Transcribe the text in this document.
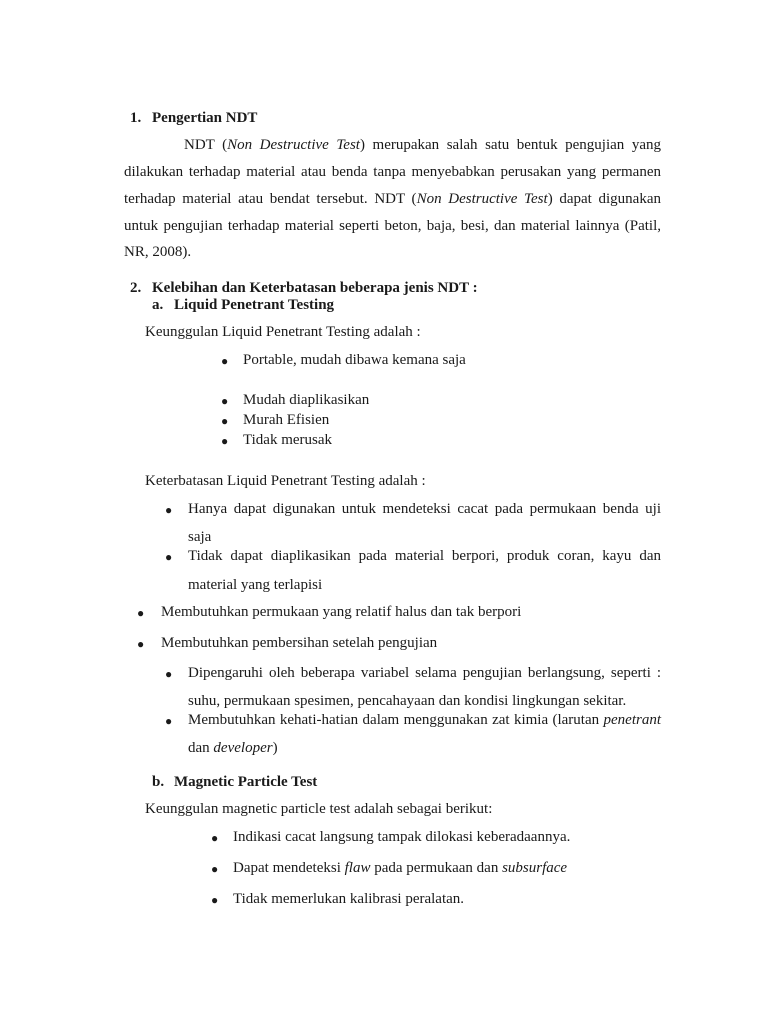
1. Pengertian NDT
NDT (Non Destructive Test) merupakan salah satu bentuk pengujian yang
dilakukan terhadap material atau benda tanpa menyebabkan perusakan yang permanen
terhadap material atau bendat tersebut. NDT (Non Destructive Test) dapat digunakan
untuk pengujian terhadap material seperti beton, baja, besi, dan material lainnya (Patil,
NR, 2008).
2. Kelebihan dan Keterbatasan beberapa jenis NDT :
a. Liquid Penetrant Testing
Keunggulan Liquid Penetrant Testing adalah :
● Portable, mudah dibawa kemana saja
● Mudah diaplikasikan
● Murah Efisien
● Tidak merusak
Keterbatasan Liquid Penetrant Testing adalah :
● Hanya dapat digunakan untuk mendeteksi cacat pada permukaan benda uji
saja
● Tidak dapat diaplikasikan pada material berpori, produk coran, kayu dan
material yang terlapisi
● Membutuhkan permukaan yang relatif halus dan tak berpori
● Membutuhkan pembersihan setelah pengujian
● Dipengaruhi oleh beberapa variabel selama pengujian berlangsung, seperti :
suhu, permukaan spesimen, pencahayaan dan kondisi lingkungan sekitar.
● Membutuhkan kehati-hatian dalam menggunakan zat kimia (larutan penetrant
dan developer)
b. Magnetic Particle Test
Keunggulan magnetic particle test adalah sebagai berikut:
● Indikasi cacat langsung tampak dilokasi keberadaannya.
● Dapat mendeteksi flaw pada permukaan dan subsurface
● Tidak memerlukan kalibrasi peralatan.
